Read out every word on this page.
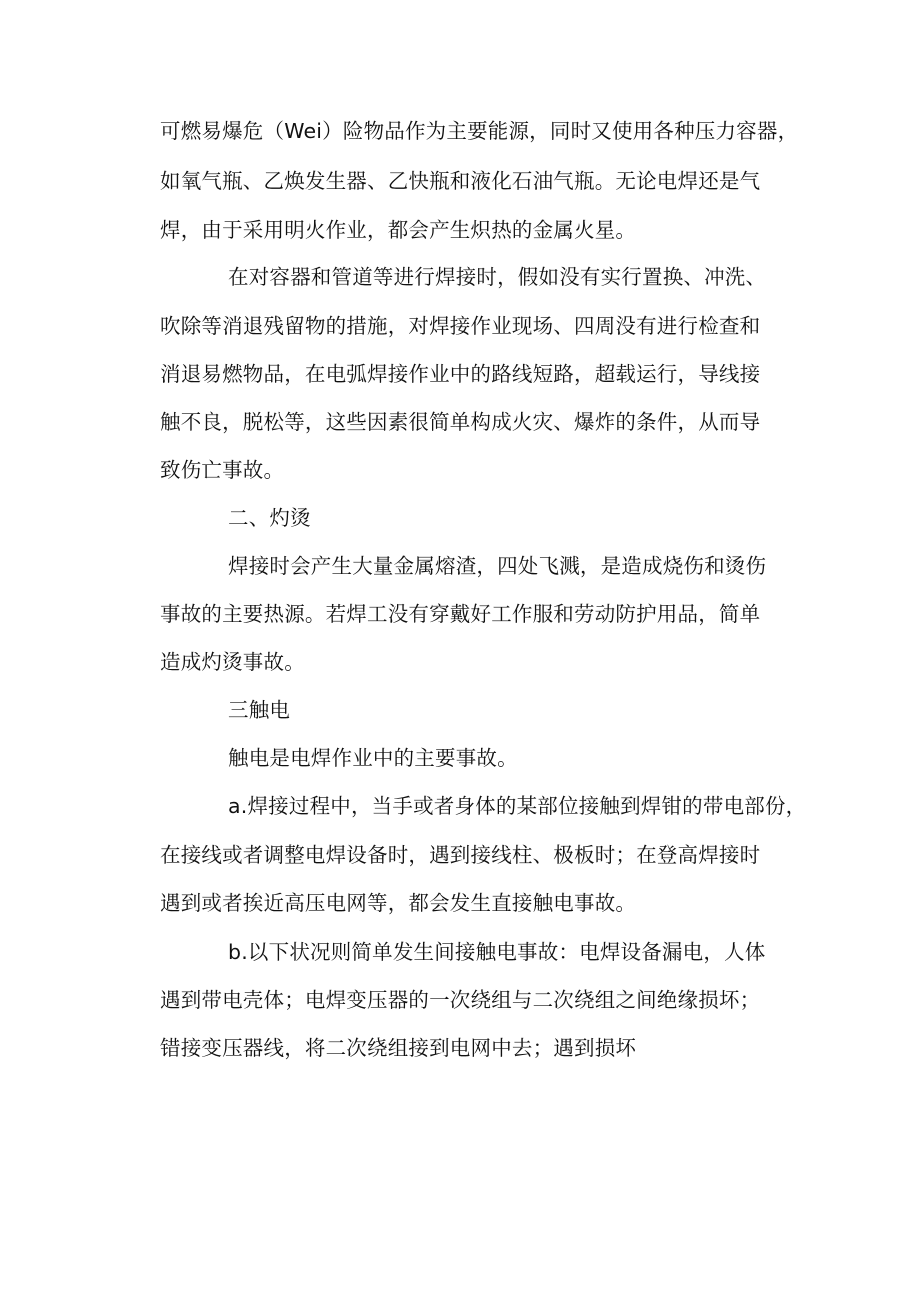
可燃易爆危（Wei）险物品作为主要能源，同时又使用各种压力容器，
如氧气瓶、乙焕发生器、乙快瓶和液化石油气瓶。无论电焊还是气
焊，由于采用明火作业，都会产生炽热的金属火星。
在对容器和管道等进行焊接时，假如没有实行置换、冲洗、
吹除等消退残留物的措施，对焊接作业现场、四周没有进行检查和
消退易燃物品，在电弧焊接作业中的路线短路，超载运行，导线接
触不良，脱松等，这些因素很简单构成火灾、爆炸的条件，从而导
致伤亡事故。
二、灼烫
焊接时会产生大量金属熔渣，四处飞溅，是造成烧伤和烫伤
事故的主要热源。若焊工没有穿戴好工作服和劳动防护用品，简单
造成灼烫事故。
三触电
触电是电焊作业中的主要事故。
a.焊接过程中，当手或者身体的某部位接触到焊钳的带电部份，
在接线或者调整电焊设备时，遇到接线柱、极板时；在登高焊接时
遇到或者挨近高压电网等，都会发生直接触电事故。
b.以下状况则简单发生间接触电事故：电焊设备漏电，人体
遇到带电壳体；电焊变压器的一次绕组与二次绕组之间绝缘损坏；
错接变压器线，将二次绕组接到电网中去；遇到损坏
